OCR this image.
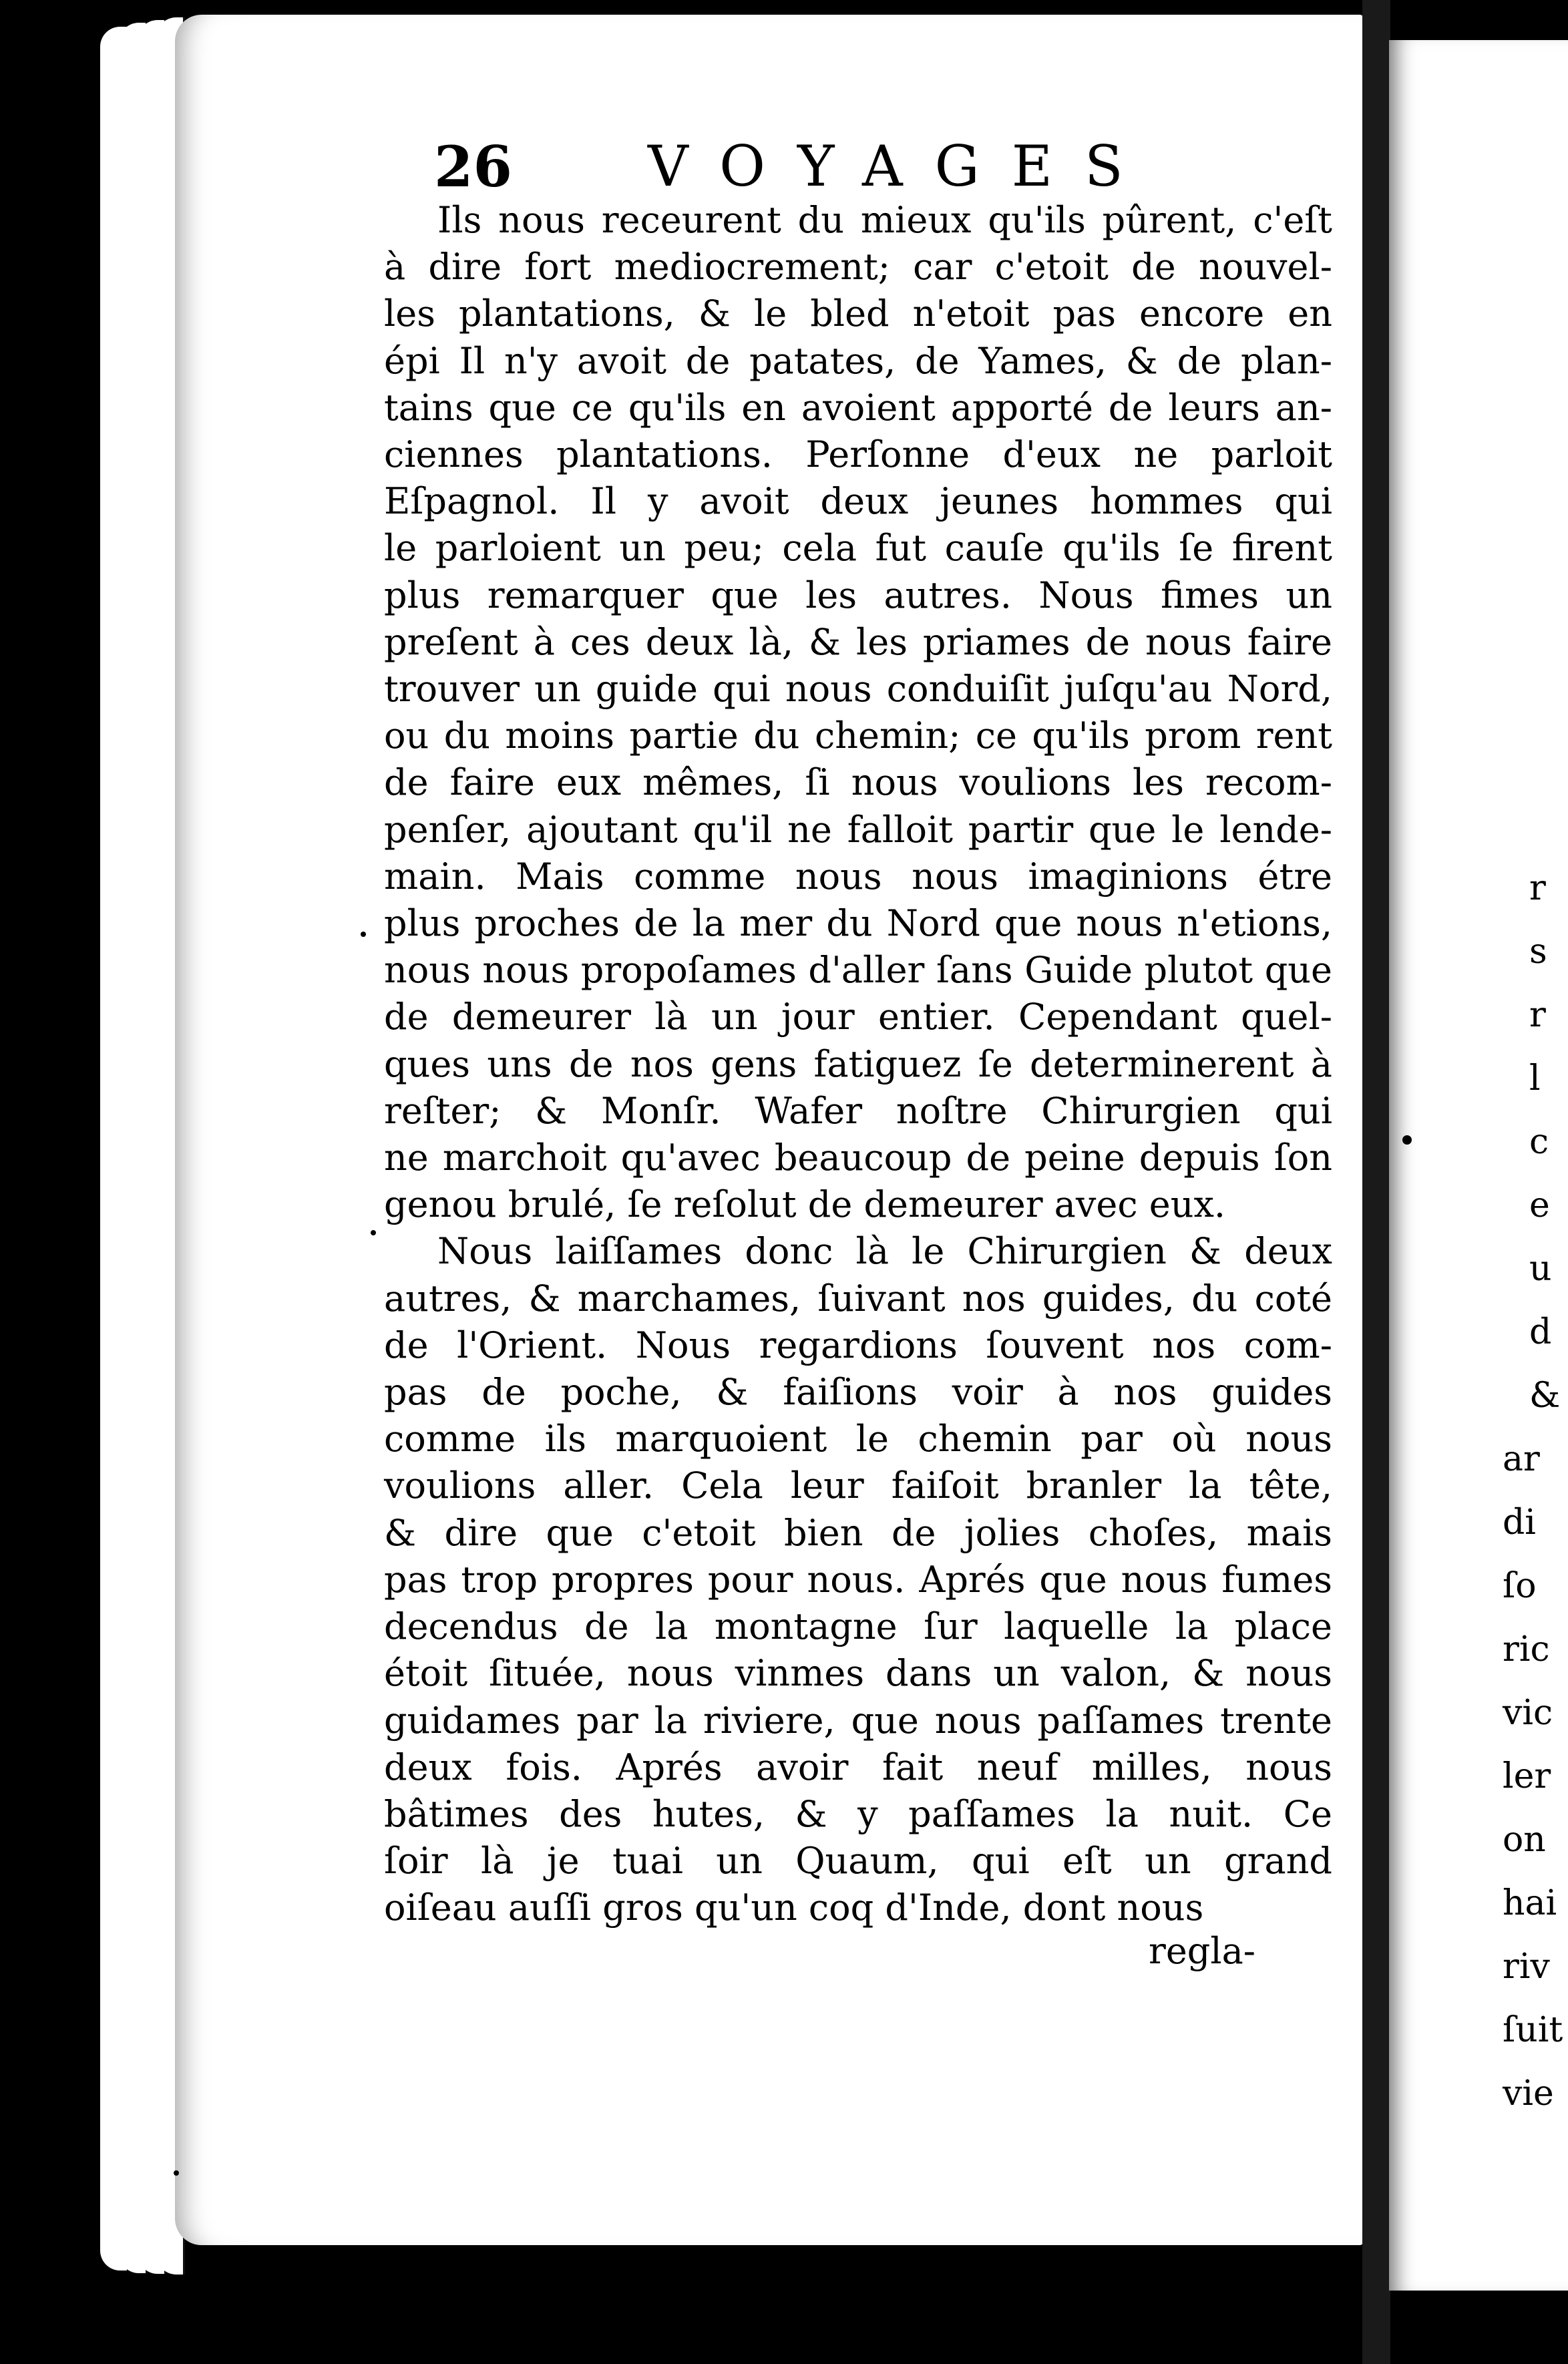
26 VOYAGES
Ils nous receurent du mieux qu'ils pûrent, c'eſt
à dire fort mediocrement; car c'etoit de nouvel-
les plantations, & le bled n'etoit pas encore en
épi Il n'y avoit de patates, de Yames, & de plan-
tains que ce qu'ils en avoient apporté de leurs an-
ciennes plantations. Perſonne d'eux ne parloit
Eſpagnol. Il y avoit deux jeunes hommes qui
le parloient un peu; cela fut cauſe qu'ils ſe firent
plus remarquer que les autres. Nous fimes un
preſent à ces deux là, & les priames de nous faire
trouver un guide qui nous conduiſit juſqu'au Nord,
ou du moins partie du chemin; ce qu'ils prom rent
de faire eux mêmes, ſi nous voulions les recom-
penſer, ajoutant qu'il ne falloit partir que le lende-
main. Mais comme nous nous imaginions étre
plus proches de la mer du Nord que nous n'etions,
nous nous propoſames d'aller ſans Guide plutot que
de demeurer là un jour entier. Cependant quel-
ques uns de nos gens fatiguez ſe determinerent à
reſter; & Monſr. Wafer noſtre Chirurgien qui
ne marchoit qu'avec beaucoup de peine depuis ſon
genou brulé, ſe reſolut de demeurer avec eux.
Nous laiſſames donc là le Chirurgien & deux
autres, & marchames, ſuivant nos guides, du coté
de l'Orient. Nous regardions ſouvent nos com-
pas de poche, & faiſions voir à nos guides
comme ils marquoient le chemin par où nous
voulions aller. Cela leur faiſoit branler la tête,
& dire que c'etoit bien de jolies choſes, mais
pas trop propres pour nous. Aprés que nous fumes
decendus de la montagne ſur laquelle la place
étoit ſituée, nous vinmes dans un valon, & nous
guidames par la riviere, que nous paſſames trente
deux fois. Aprés avoir fait neuf milles, nous
bâtimes des hutes, & y paſſames la nuit. Ce
ſoir là je tuai un Quaum, qui eſt un grand
oiſeau auſſi gros qu'un coq d'Inde, dont nous
regla-
r
s
r
l
c
e
u
d
&
ar
di
ſo
ric
vic
ler
on
hai
riv
ſuit
vie
